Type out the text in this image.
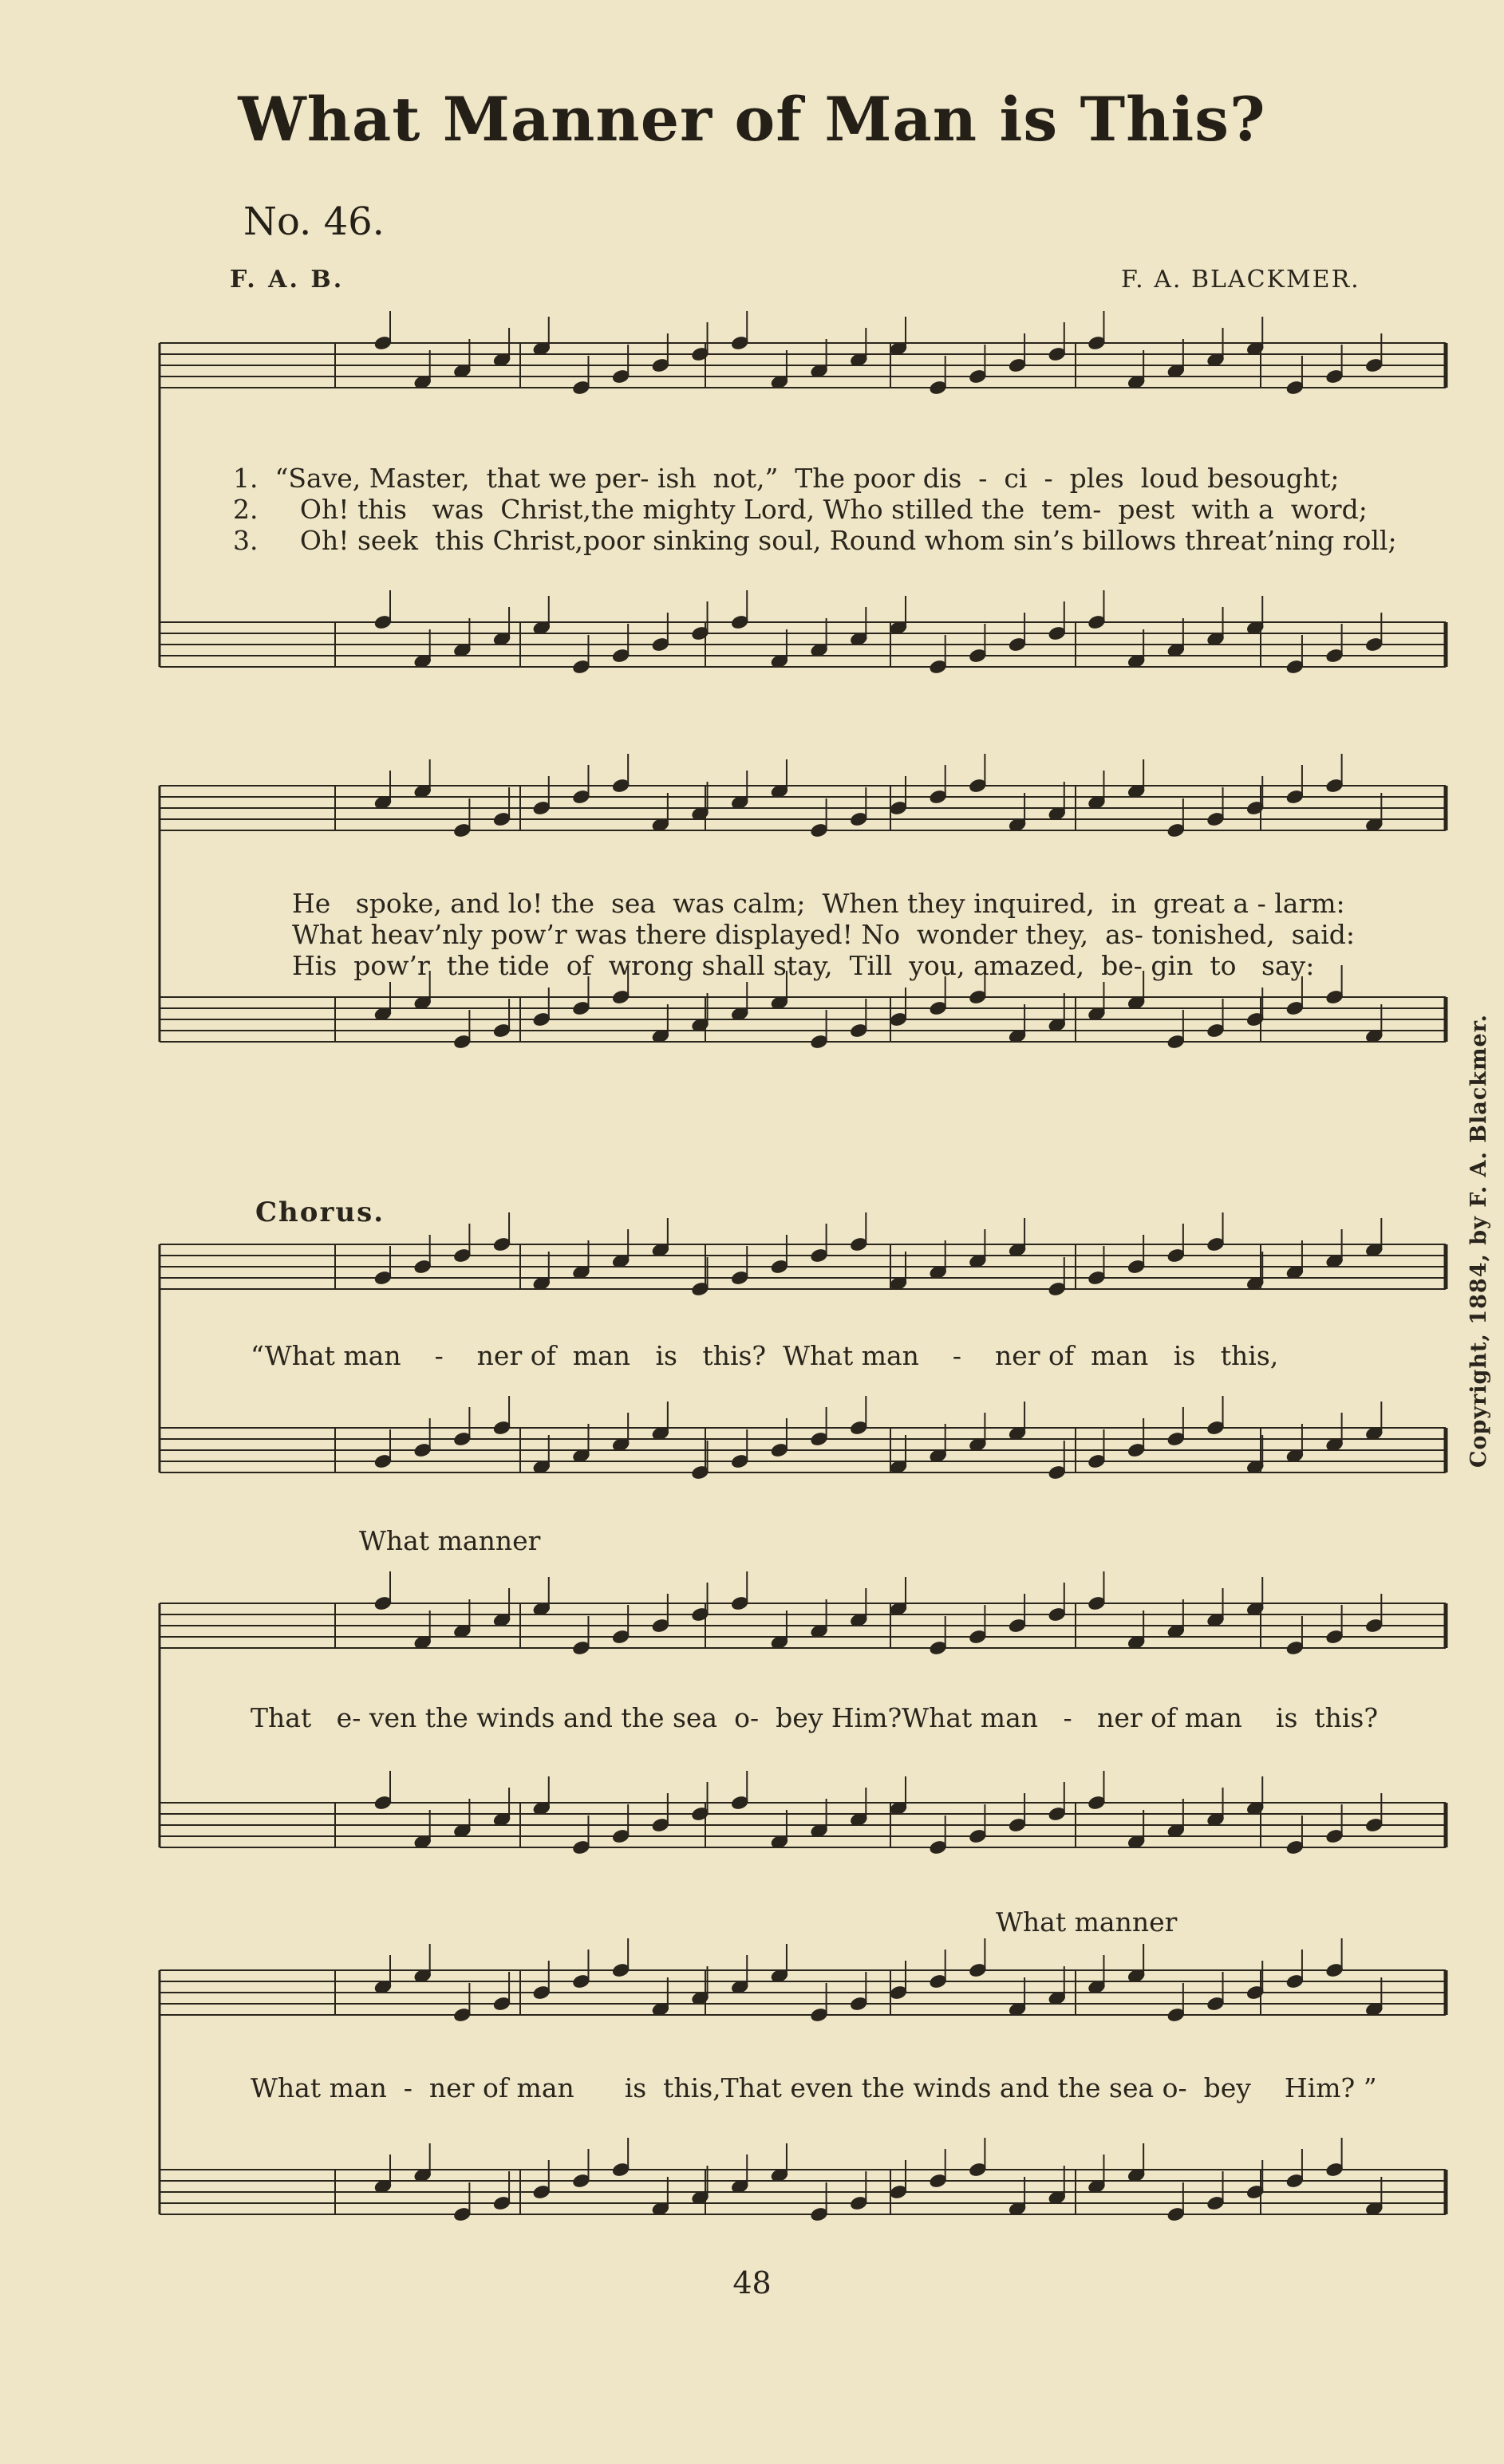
What Manner of Man is This?
No. 46.
F. A. B.	F. A. BLACKMER.
1.  “Save, Master,  that we per- ish  not,”  The poor dis  -  ci  -  ples  loud besought;
2.     Oh! this   was  Christ,the mighty Lord, Who stilled the  tem-  pest  with a  word;
3.     Oh! seek  this Christ,poor sinking soul, Round whom sin’s billows threat’ning roll;
He   spoke, and lo! the  sea  was calm;  When they inquired,  in  great a - larm:
What heav’nly pow’r was there displayed! No  wonder they,  as- tonished,  said:
His  pow’r  the tide  of  wrong shall stay,  Till  you, amazed,  be- gin  to   say:
Chorus.
“What man    -    ner of  man   is   this?  What man    -    ner of  man   is   this,
What manner
That   e- ven the winds and the sea  o-  bey Him?What man   -   ner of man    is  this?
What manner
What man  -  ner of man      is  this,That even the winds and the sea o-  bey    Him? ”
Copyright, 1884, by F. A. Blackmer.
48
